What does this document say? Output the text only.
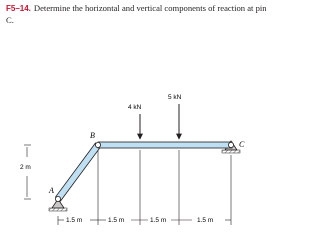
F5–14. Determine the horizontal and vertical components of reaction at pin C.
B
C
A
4 kN
5 kN
2 m
1.5 m	1.5 m	1.5 m	1.5 m
